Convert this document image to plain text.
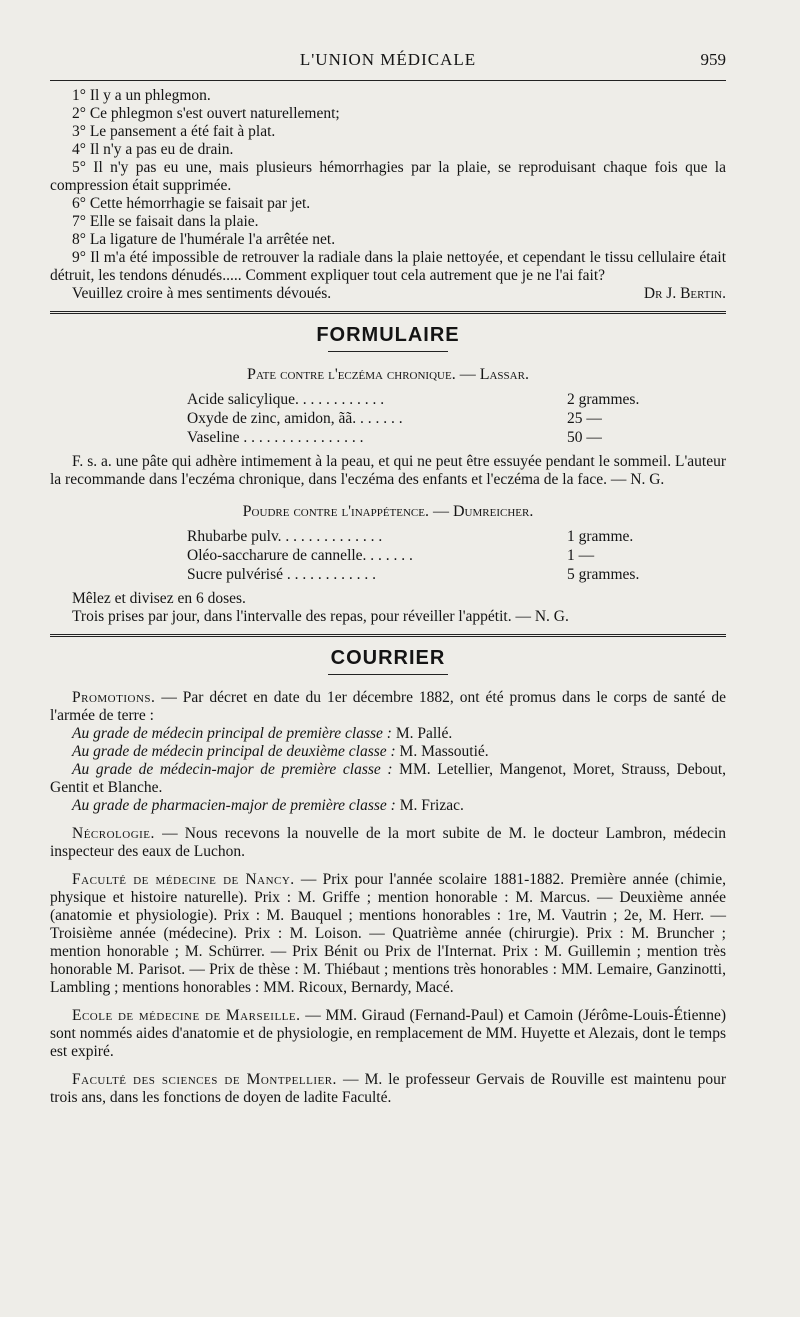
L'UNION MÉDICALE	959

1° Il y a un phlegmon.

2° Ce phlegmon s'est ouvert naturellement;

3° Le pansement a été fait à plat.

4° Il n'y a pas eu de drain.

5° Il n'y pas eu une, mais plusieurs hémorrhagies par la plaie, se reproduisant chaque fois que la compression était supprimée.

6° Cette hémorrhagie se faisait par jet.

7° Elle se faisait dans la plaie.

8° La ligature de l'humérale l'a arrêtée net.

9° Il m'a été impossible de retrouver la radiale dans la plaie nettoyée, et cependant le tissu cellulaire était détruit, les tendons dénudés..... Comment expliquer tout cela autrement que je ne l'ai fait?

Veuillez croire à mes sentiments dévoués.	Dr J. Bertin.

FORMULAIRE
Pate contre l'eczéma chronique. — Lassar.
Acide salicylique. . . . . . . . . . . .	2 grammes.
Oxyde de zinc, amidon, ãã. . . . . . .	25 —
Vaseline . . . . . . . . . . . . . . . .	50 —

F. s. a. une pâte qui adhère intimement à la peau, et qui ne peut être essuyée pendant le sommeil. L'auteur la recommande dans l'eczéma chronique, dans l'eczéma des enfants et l'eczéma de la face. — N. G.

Poudre contre l'inappétence. — Dumreicher.
Rhubarbe pulv. . . . . . . . . . . . . .	1 gramme.
Oléo-saccharure de cannelle. . . . . . .	1 —
Sucre pulvérisé . . . . . . . . . . . .	5 grammes.

Mêlez et divisez en 6 doses.

Trois prises par jour, dans l'intervalle des repas, pour réveiller l'appétit. — N. G.

COURRIER

Promotions. — Par décret en date du 1er décembre 1882, ont été promus dans le corps de santé de l'armée de terre :

Au grade de médecin principal de première classe : M. Pallé.

Au grade de médecin principal de deuxième classe : M. Massoutié.

Au grade de médecin-major de première classe : MM. Letellier, Mangenot, Moret, Strauss, Debout, Gentit et Blanche.

Au grade de pharmacien-major de première classe : M. Frizac.

Nécrologie. — Nous recevons la nouvelle de la mort subite de M. le docteur Lambron, médecin inspecteur des eaux de Luchon.

Faculté de médecine de Nancy. — Prix pour l'année scolaire 1881-1882. Première année (chimie, physique et histoire naturelle). Prix : M. Griffe ; mention honorable : M. Marcus. — Deuxième année (anatomie et physiologie). Prix : M. Bauquel ; mentions honorables : 1re, M. Vautrin ; 2e, M. Herr. — Troisième année (médecine). Prix : M. Loison. — Quatrième année (chirurgie). Prix : M. Bruncher ; mention honorable ; M. Schürrer. — Prix Bénit ou Prix de l'Internat. Prix : M. Guillemin ; mention très honorable M. Parisot. — Prix de thèse : M. Thiébaut ; mentions très honorables : MM. Lemaire, Ganzinotti, Lambling ; mentions honorables : MM. Ricoux, Bernardy, Macé.

Ecole de médecine de Marseille. — MM. Giraud (Fernand-Paul) et Camoin (Jérôme-Louis-Étienne) sont nommés aides d'anatomie et de physiologie, en remplacement de MM. Huyette et Alezais, dont le temps est expiré.

Faculté des sciences de Montpellier. — M. le professeur Gervais de Rouville est maintenu pour trois ans, dans les fonctions de doyen de ladite Faculté.
